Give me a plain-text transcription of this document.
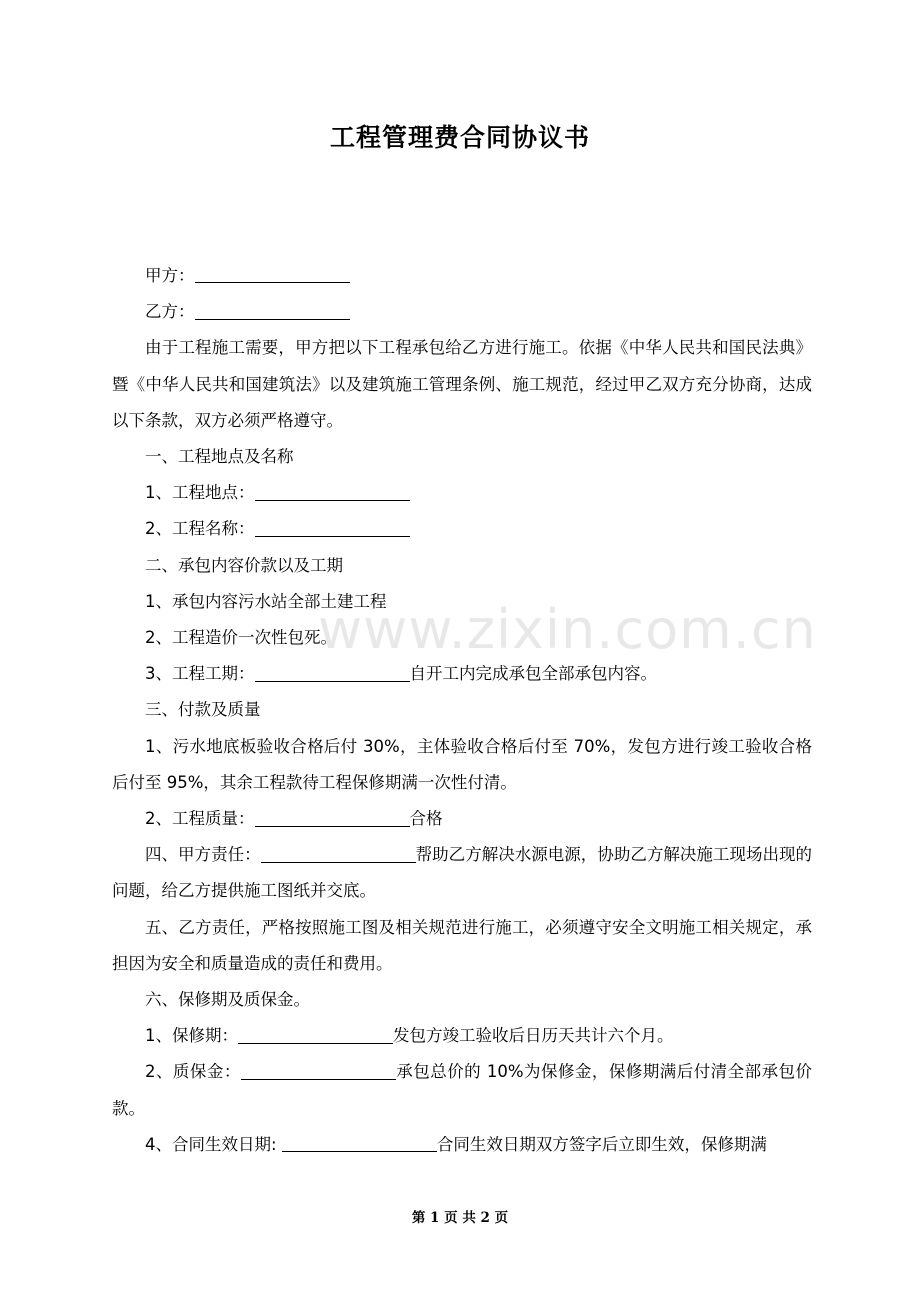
工程管理费合同协议书

甲方：

乙方：

由于工程施工需要，甲方把以下工程承包给乙方进行施工。依据《中华人民共和国民法典》暨《中华人民共和国建筑法》以及建筑施工管理条例、施工规范，经过甲乙双方充分协商，达成以下条款，双方必须严格遵守。

一、工程地点及名称

1、工程地点：

2、工程名称：

二、承包内容价款以及工期

1、承包内容污水站全部土建工程

2、工程造价一次性包死。

3、工程工期：	自开工内完成承包全部承包内容。

三、付款及质量

1、污水地底板验收合格后付 30%，主体验收合格后付至 70%，发包方进行竣工验收合格后付至 95%，其余工程款待工程保修期满一次性付清。

2、工程质量：	合格

四、甲方责任：	帮助乙方解决水源电源，协助乙方解决施工现场出现的问题，给乙方提供施工图纸并交底。

五、乙方责任，严格按照施工图及相关规范进行施工，必须遵守安全文明施工相关规定，承担因为安全和质量造成的责任和费用。

六、保修期及质保金。

1、保修期：	发包方竣工验收后日历天共计六个月。

2、质保金：	承包总价的 10%为保修金，保修期满后付清全部承包价款。

4、合同生效日期:	合同生效日期双方签字后立即生效，保修期满

www.zixin.com.cn
第 1 页 共 2 页
